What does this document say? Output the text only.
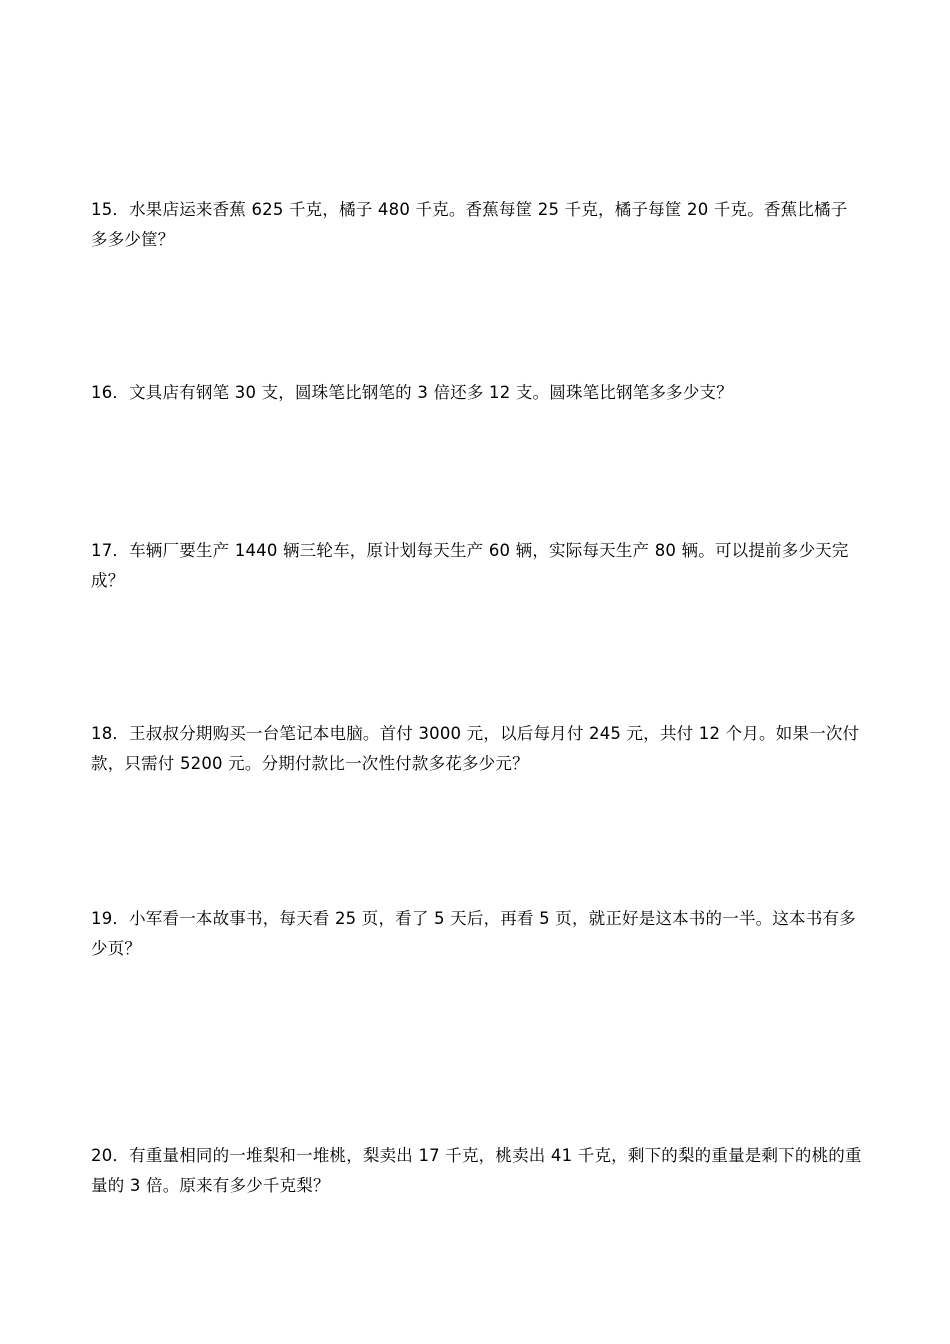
15．水果店运来香蕉 625 千克，橘子 480 千克。香蕉每筐 25 千克，橘子每筐 20 千克。香蕉比橘子多多少筐？
16．文具店有钢笔 30 支，圆珠笔比钢笔的 3 倍还多 12 支。圆珠笔比钢笔多多少支？
17．车辆厂要生产 1440 辆三轮车，原计划每天生产 60 辆，实际每天生产 80 辆。可以提前多少天完成？
18．王叔叔分期购买一台笔记本电脑。首付 3000 元，以后每月付 245 元，共付 12 个月。如果一次付款，只需付 5200 元。分期付款比一次性付款多花多少元？
19．小军看一本故事书，每天看 25 页，看了 5 天后，再看 5 页，就正好是这本书的一半。这本书有多少页？
20．有重量相同的一堆梨和一堆桃，梨卖出 17 千克，桃卖出 41 千克，剩下的梨的重量是剩下的桃的重量的 3 倍。原来有多少千克梨？
